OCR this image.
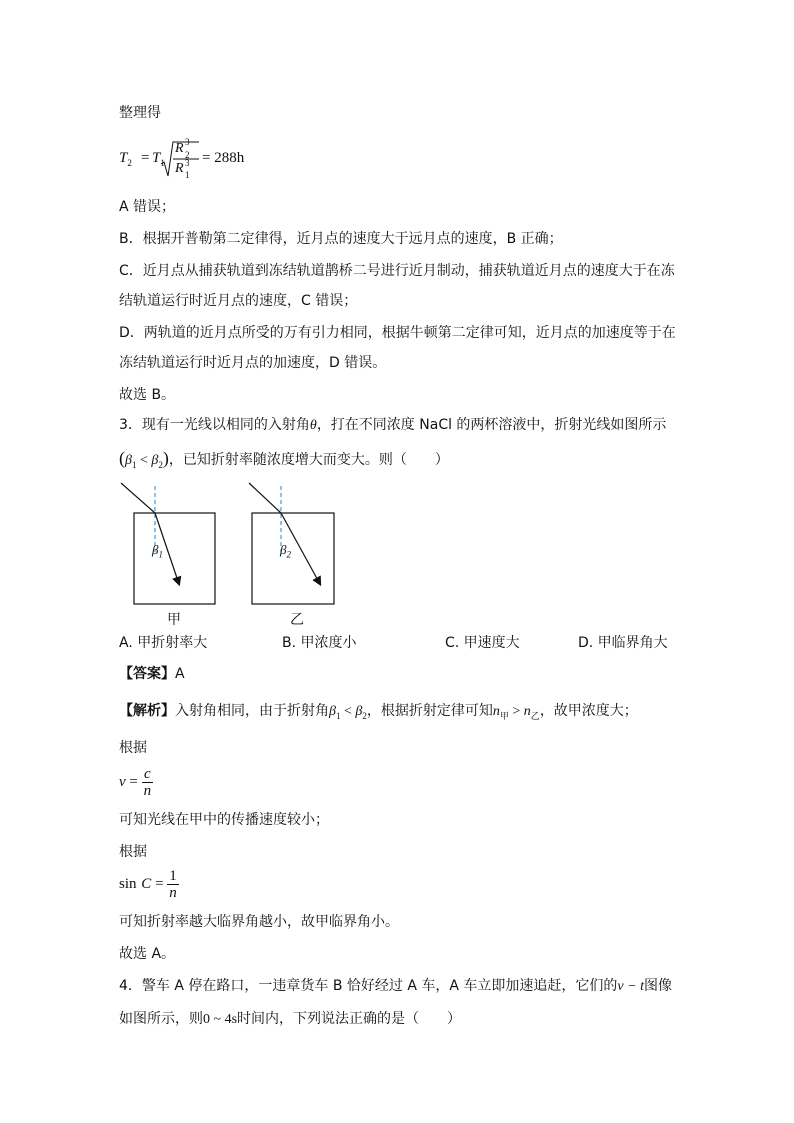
整理得
$T_2 = T_1$
R 3
2
R 3
1
= 288h
A 错误；
B．根据开普勒第二定律得，近月点的速度大于远月点的速度，B 正确；
C．近月点从捕获轨道到冻结轨道鹊桥二号进行近月制动，捕获轨道近月点的速度大于在冻
结轨道运行时近月点的速度，C 错误；
D．两轨道的近月点所受的万有引力相同，根据牛顿第二定律可知，近月点的加速度等于在
冻结轨道运行时近月点的加速度，D 错误。
故选 B。
3．现有一光线以相同的入射角θ，打在不同浓度 NaCl 的两杯溶液中，折射光线如图所示
$(\beta_1 < \beta_2)$，已知折射率随浓度增大而变大。则（　　）
$\beta_1$
甲
$\beta_2$
乙
A. 甲折射率大	B. 甲浓度小	C. 甲速度大	D. 甲临界角大
【答案】A
【解析】入射角相同，由于折射角$\beta_1 < \beta_2$，根据折射定律可知$n_甲 > n_乙$，故甲浓度大；
根据
$v = \frac{c}{n}$
可知光线在甲中的传播速度较小；
根据
$\sin C = \frac{1}{n}$
可知折射率越大临界角越小，故甲临界角小。
故选 A。
4．警车 A 停在路口，一违章货车 B 恰好经过 A 车，A 车立即加速追赶，它们的v − t图像
如图所示，则0 ~ 4s时间内，下列说法正确的是（　　）
